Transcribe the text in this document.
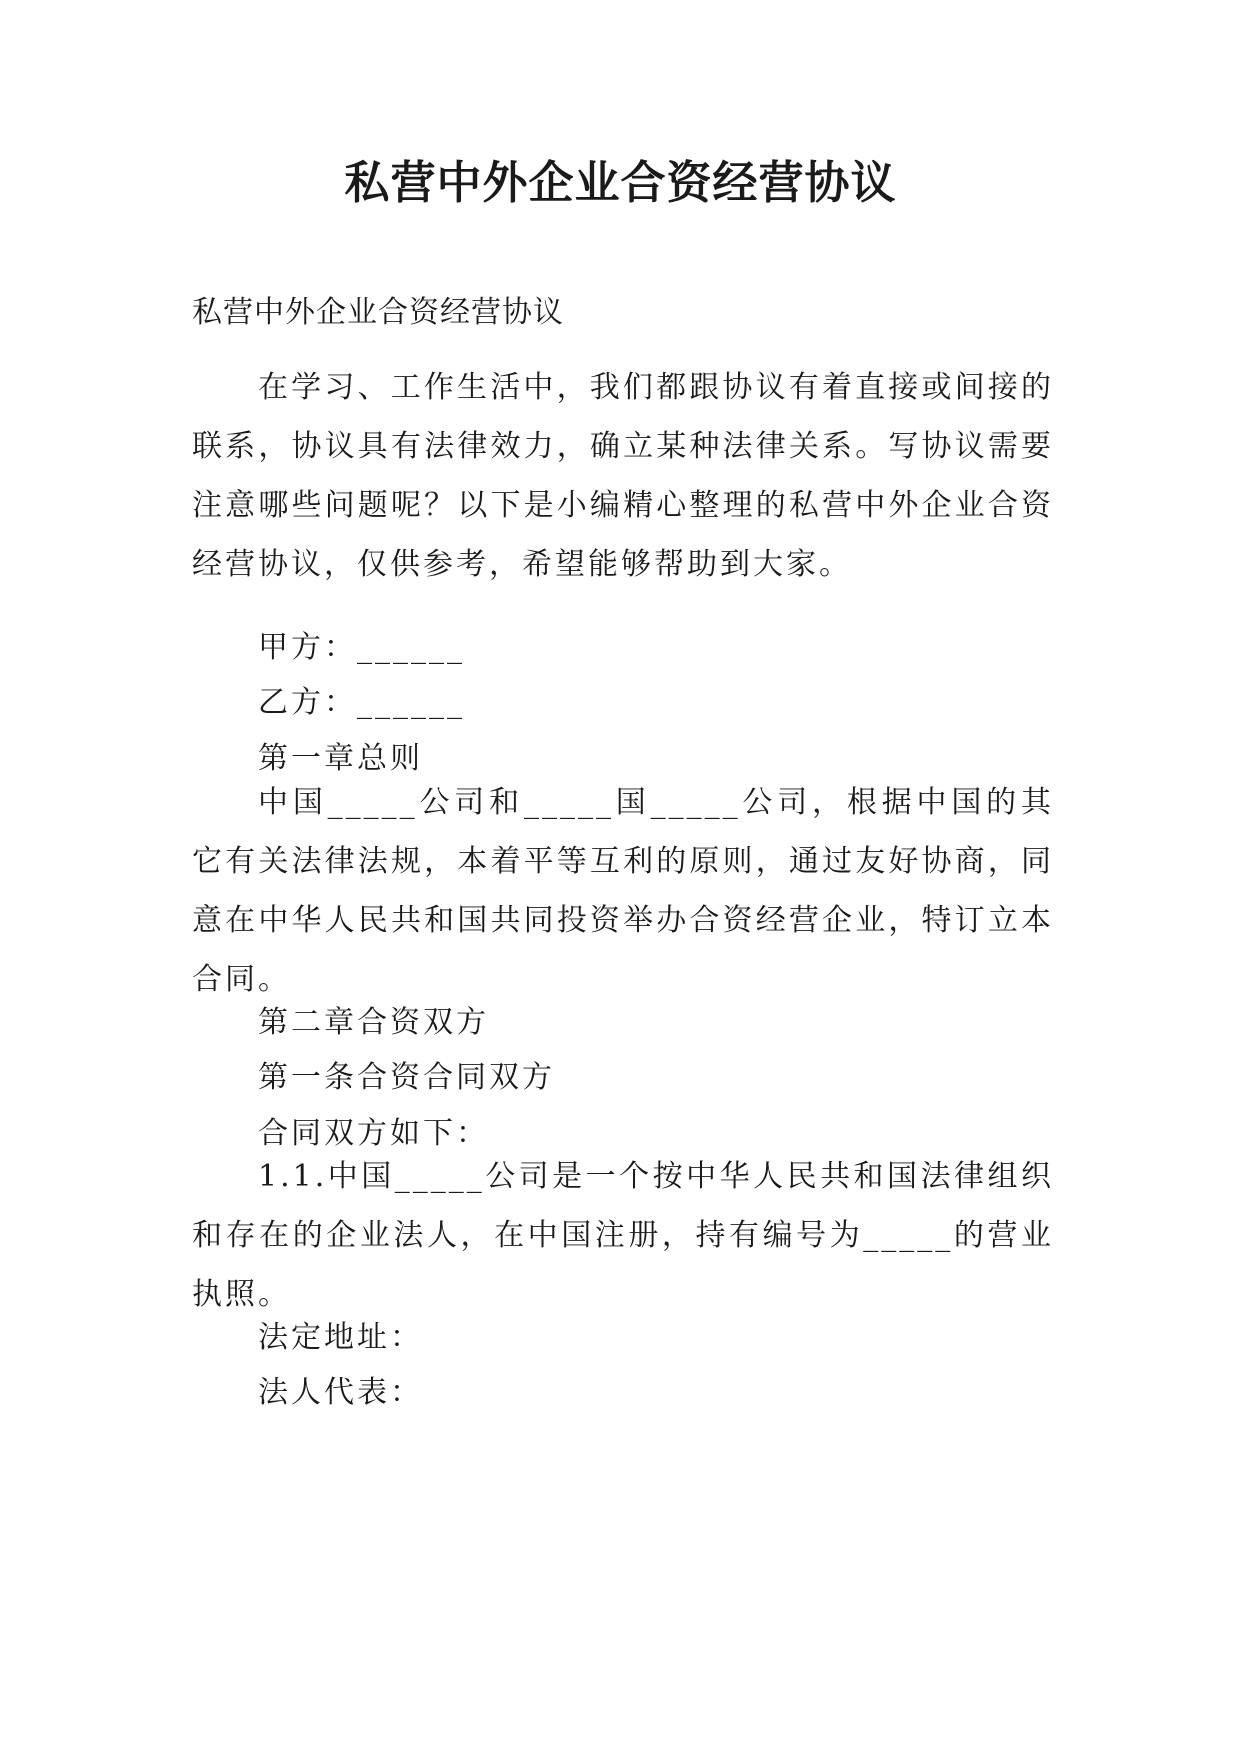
私营中外企业合资经营协议
私营中外企业合资经营协议

在学习、工作生活中，我们都跟协议有着直接或间接的联系，协议具有法律效力，确立某种法律关系。写协议需要注意哪些问题呢？以下是小编精心整理的私营中外企业合资经营协议，仅供参考，希望能够帮助到大家。

甲方：______
乙方：______
第一章总则

中国_____公司和_____国_____公司，根据中国的其它有关法律法规，本着平等互利的原则，通过友好协商，同意在中华人民共和国共同投资举办合资经营企业，特订立本合同。

第二章合资双方
第一条合资合同双方
合同双方如下：

1.1.中国_____公司是一个按中华人民共和国法律组织和存在的企业法人，在中国注册，持有编号为_____的营业执照。

法定地址：
法人代表：
